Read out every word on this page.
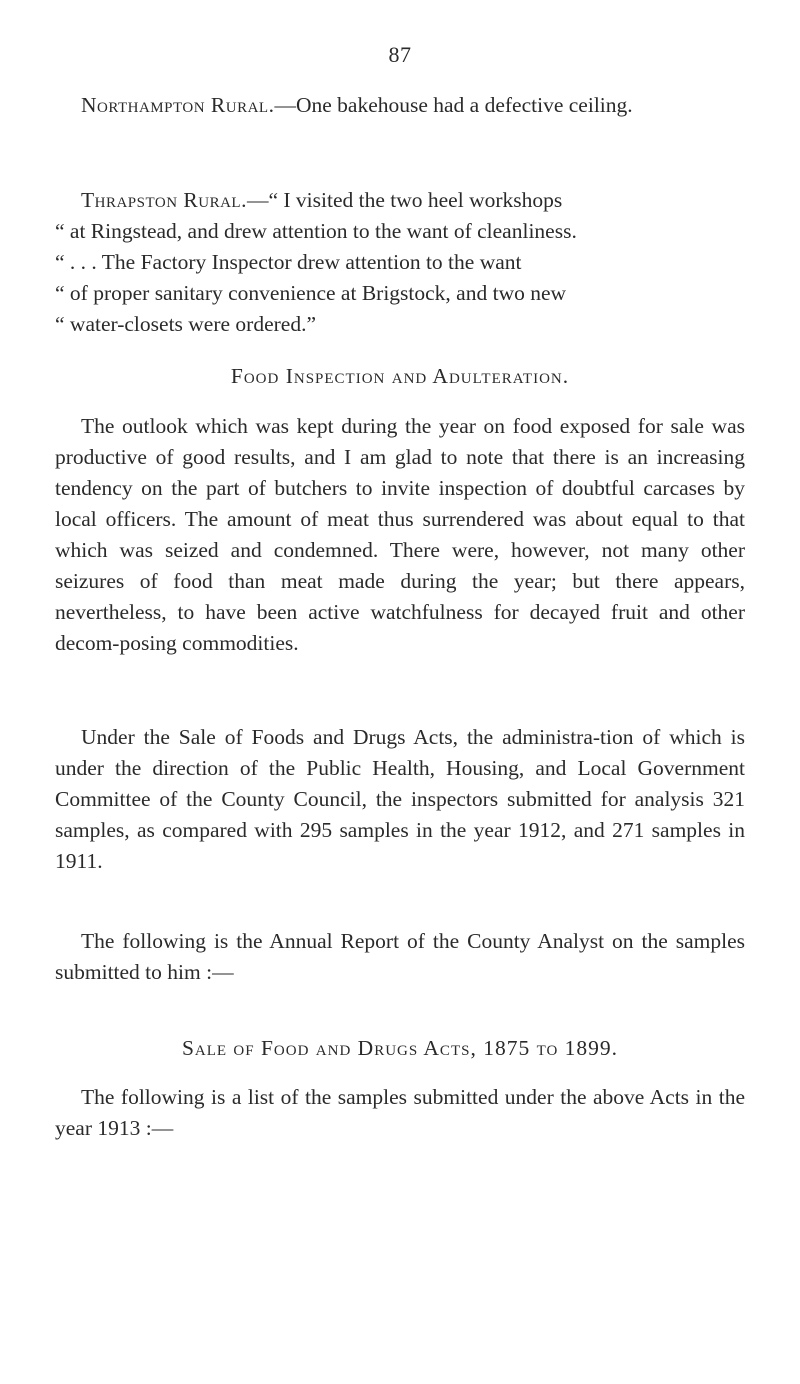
87

Northampton Rural.—One bakehouse had a defective ceiling.

Thrapston Rural.—“ I visited the two heel workshops
“ at Ringstead, and drew attention to the want of cleanliness.
“ . . . The Factory Inspector drew attention to the want
“ of proper sanitary convenience at Brigstock, and two new
“ water-closets were ordered.”
Food Inspection and Adulteration.

The outlook which was kept during the year on food exposed for sale was productive of good results, and I am glad to note that there is an increasing tendency on the part of butchers to invite inspection of doubtful carcases by local officers. The amount of meat thus surrendered was about equal to that which was seized and condemned. There were, however, not many other seizures of food than meat made during the year; but there appears, nevertheless, to have been active watchfulness for decayed fruit and other decom-posing commodities.

Under the Sale of Foods and Drugs Acts, the administra-tion of which is under the direction of the Public Health, Housing, and Local Government Committee of the County Council, the inspectors submitted for analysis 321 samples, as compared with 295 samples in the year 1912, and 271 samples in 1911.

The following is the Annual Report of the County Analyst on the samples submitted to him :—

Sale of Food and Drugs Acts, 1875 to 1899.

The following is a list of the samples submitted under the above Acts in the year 1913 :—
